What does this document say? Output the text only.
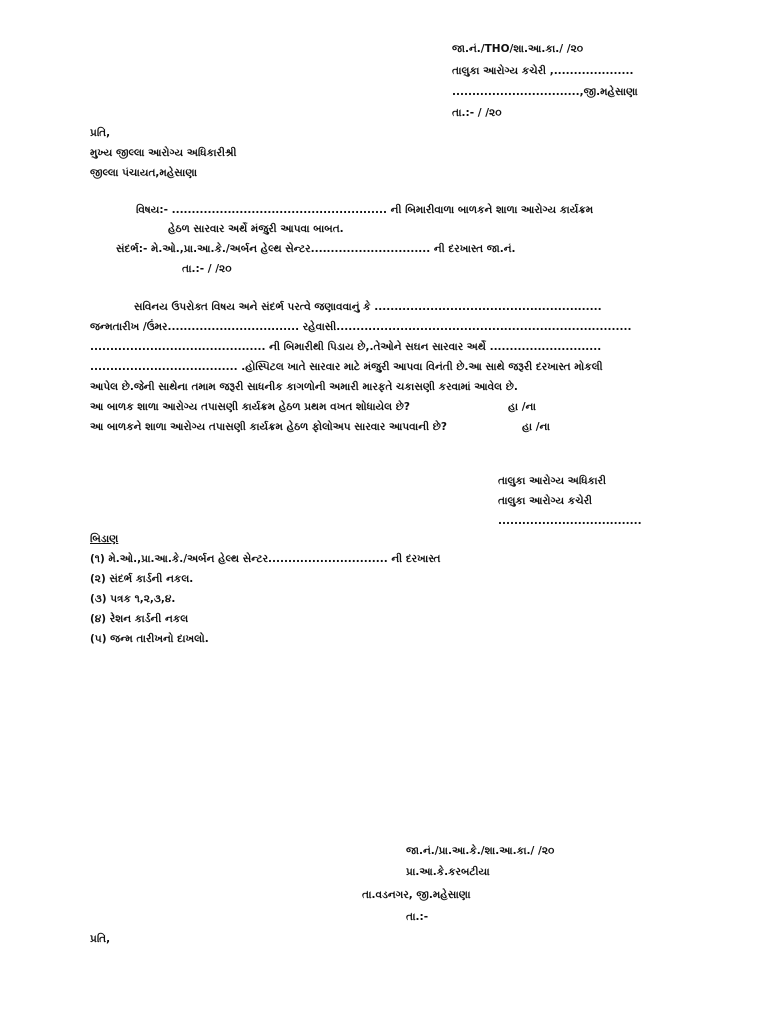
જા.નં./THO/શા.આ.કા./ /૨૦
તાલુકા આરોગ્ય કચેરી ,....................
................................,જી.મહેસાણા
તા.:- / /૨૦
પ્રતિ,
મુખ્ય જીલ્લા આરોગ્ય અધિકારીશ્રી
જીલ્લા પંચાયત,મહેસાણા
વિષય:- ...................................................... ની બિમારીવાળા બાળકને શાળા આરોગ્ય કાર્યક્રમ
હેઠળ સારવાર અર્થે મંજુરી આપવા બાબત.
સંદર્ભ:- મે.ઓ.,પ્રા.આ.કે./અર્બન હેલ્થ સેન્ટર.............................. ની દરખાસ્ત જા.નં.
તા.:- / /૨૦
સવિનય ઉપરોક્ત વિષય અને સંદર્ભ પરત્વે જણાવવાનું કે .........................................................
જન્મતારીખ /ઉંમર................................. રહેવાસી..........................................................................
............................................ ની બિમારીથી પિડાય છે,.તેઓને સઘન સારવાર અર્થે ............................
..................................... .હોસ્પિટલ ખાતે સારવાર માટે મંજુરી આપવા વિનંતી છે.આ સાથે જરૂરી દરખાસ્ત મોકલી
આપેલ છે.જેની સાથેના તમામ જરૂરી સાધનીક કાગળોની અમારી મારફતે ચકાસણી કરવામાં આવેલ છે.
આ બાળક શાળા આરોગ્ય તપાસણી કાર્યક્રમ હેઠળ પ્રથમ વખત શોધાયેલ છે?	હા /ના
આ બાળકને શાળા આરોગ્ય તપાસણી કાર્યક્રમ હેઠળ ફોલોઅપ સારવાર આપવાની છે?	હા /ના
તાલુકા આરોગ્ય અધિકારી
તાલુકા આરોગ્ય કચેરી
....................................
બિડાણ
(૧) મે.ઓ.,પ્રા.આ.કે./અર્બન હેલ્થ સેન્ટર.............................. ની દરખાસ્ત
(૨) સંદર્ભ કાર્ડની નકલ.
(૩) પત્રક ૧,૨,૩,૪.
(૪) રેશન કાર્ડની નકલ
(૫) જન્મ તારીખનો દાખલો.
જા.નં./પ્રા.આ.કે./શા.આ.કા./ /૨૦
પ્રા.આ.કે.કરબટીયા
તા.વડનગર, જી.મહેસાણા
તા.:-
પ્રતિ,
